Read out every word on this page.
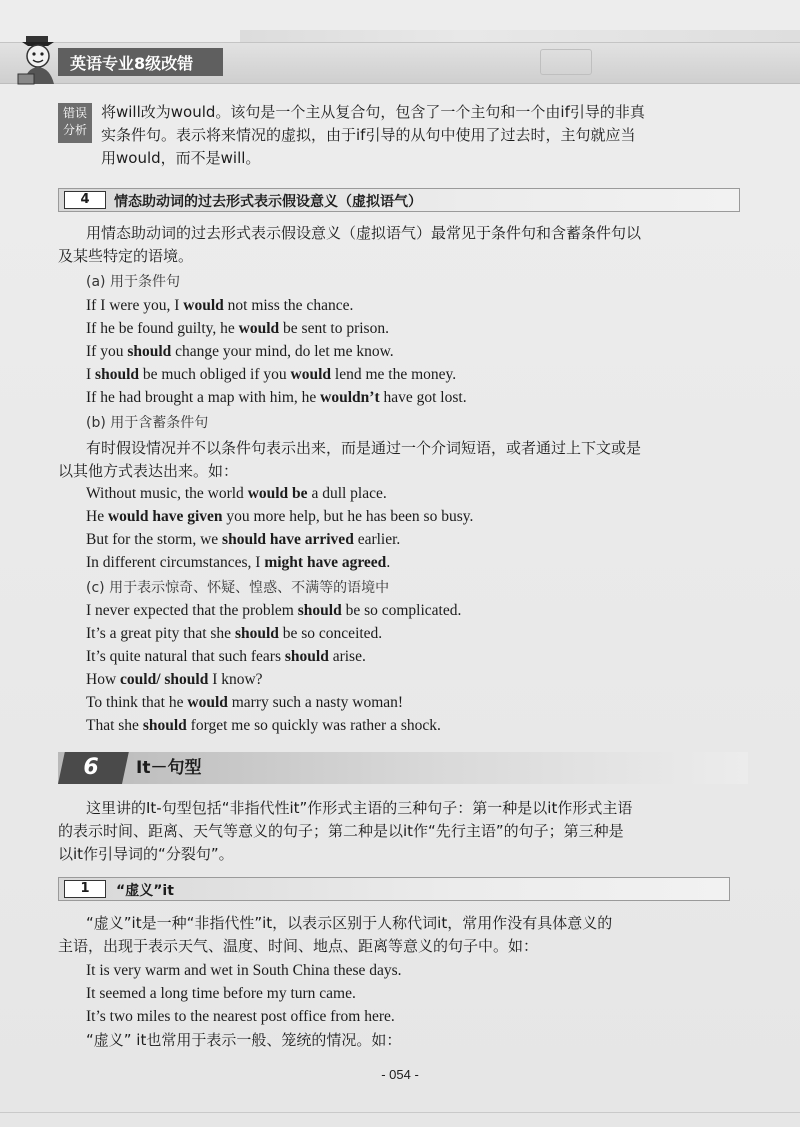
英语专业8级改错
错误
分析
将will改为would。该句是一个主从复合句，包含了一个主句和一个由if引导的非真
实条件句。表示将来情况的虚拟，由于if引导的从句中使用了过去时，主句就应当
用would，而不是will。
4	情态助动词的过去形式表示假设意义（虚拟语气）
用情态助动词的过去形式表示假设意义（虚拟语气）最常见于条件句和含蓄条件句以
及某些特定的语境。
(a) 用于条件句
If I were you, I would not miss the chance.
If he be found guilty, he would be sent to prison.
If you should change your mind, do let me know.
I should be much obliged if you would lend me the money.
If he had brought a map with him, he wouldn’t have got lost.
(b) 用于含蓄条件句
有时假设情况并不以条件句表示出来，而是通过一个介词短语，或者通过上下文或是
以其他方式表达出来。如：
Without music, the world would be a dull place.
He would have given you more help, but he has been so busy.
But for the storm, we should have arrived earlier.
In different circumstances, I might have agreed.
(c) 用于表示惊奇、怀疑、惶惑、不满等的语境中
I never expected that the problem should be so complicated.
It’s a great pity that she should be so conceited.
It’s quite natural that such fears should arise.
How could/ should I know?
To think that he would marry such a nasty woman!
That she should forget me so quickly was rather a shock.
6	It－句型
这里讲的It-句型包括“非指代性it”作形式主语的三种句子：第一种是以it作形式主语
的表示时间、距离、天气等意义的句子；第二种是以it作“先行主语”的句子；第三种是
以it作引导词的“分裂句”。
1	“虚义”it
“虚义”it是一种“非指代性”it，以表示区别于人称代词it，常用作没有具体意义的
主语，出现于表示天气、温度、时间、地点、距离等意义的句子中。如：
It is very warm and wet in South China these days.
It seemed a long time before my turn came.
It’s two miles to the nearest post office from here.
“虚义” it也常用于表示一般、笼统的情况。如：
- 054 -
